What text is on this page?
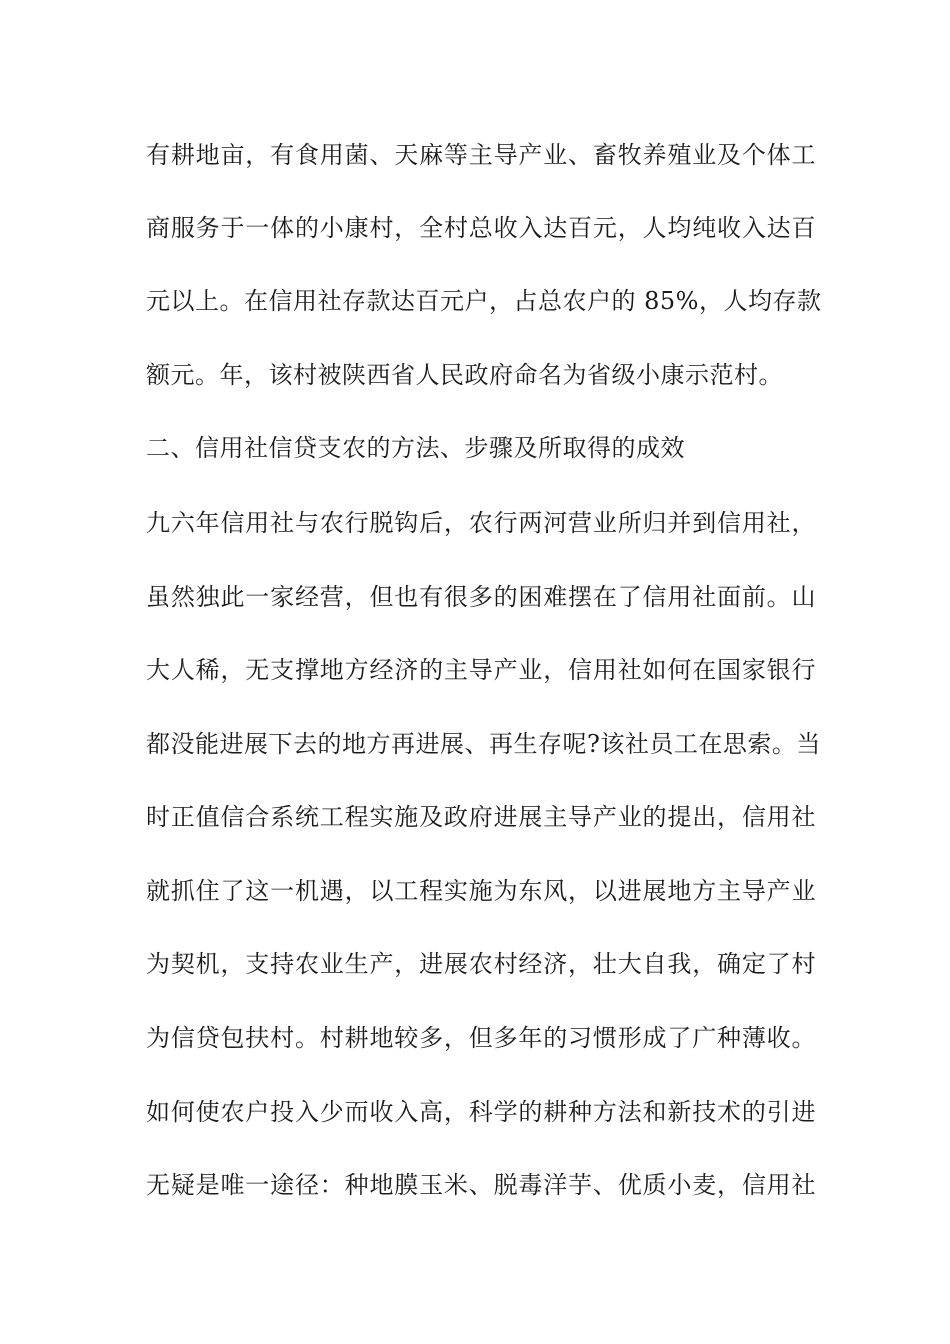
有耕地亩，有食用菌、天麻等主导产业、畜牧养殖业及个体工
商服务于一体的小康村，全村总收入达百元，人均纯收入达百
元以上。在信用社存款达百元户，占总农户的 85%，人均存款
额元。年，该村被陕西省人民政府命名为省级小康示范村。
二、信用社信贷支农的方法、步骤及所取得的成效
九六年信用社与农行脱钩后，农行两河营业所归并到信用社，
虽然独此一家经营，但也有很多的困难摆在了信用社面前。山
大人稀，无支撑地方经济的主导产业，信用社如何在国家银行
都没能进展下去的地方再进展、再生存呢?该社员工在思索。当
时正值信合系统工程实施及政府进展主导产业的提出，信用社
就抓住了这一机遇，以工程实施为东风，以进展地方主导产业
为契机，支持农业生产，进展农村经济，壮大自我，确定了村
为信贷包扶村。村耕地较多，但多年的习惯形成了广种薄收。
如何使农户投入少而收入高，科学的耕种方法和新技术的引进
无疑是唯一途径：种地膜玉米、脱毒洋芋、优质小麦，信用社
